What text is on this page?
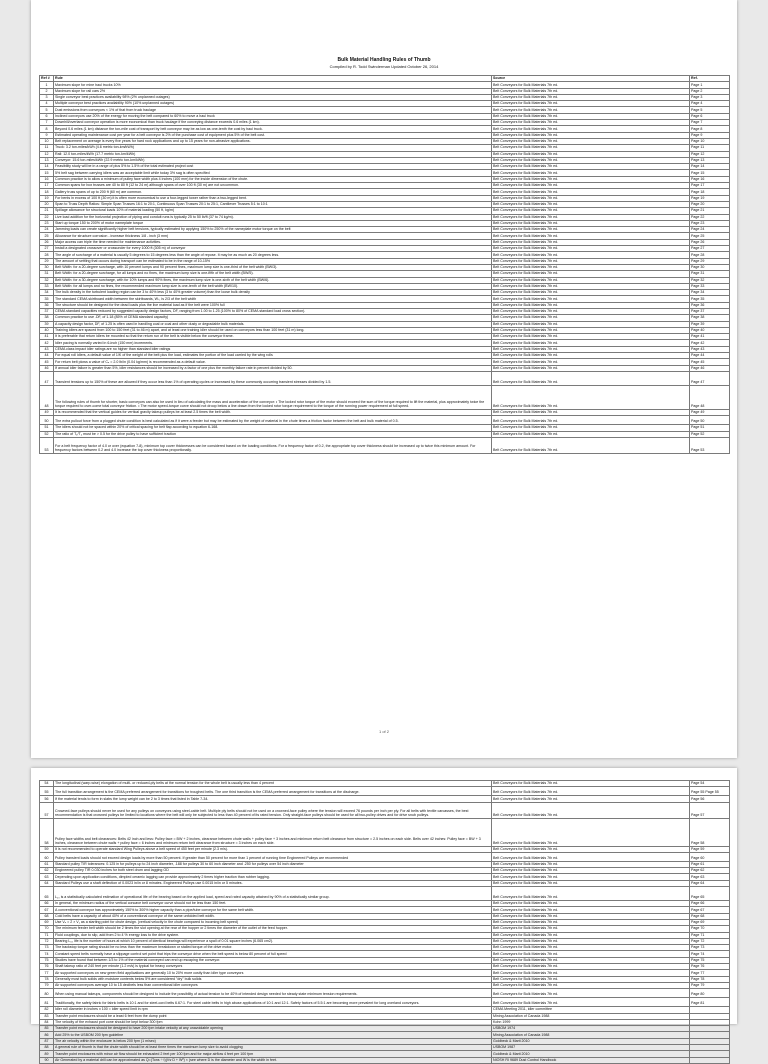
Bulk Material Handling Rules of Thumb
Compiled by R. Todd Swinderman Updated October 26, 2014
Ref #	Rule	Source	Ref.
1	Maximum slope for mine haul trucks 10%	Belt Conveyors for Bulk Materials 7th ed.	Page 1
2	Maximum slope for rail cars 2%	Belt Conveyors for Bulk Materials 7th ed.	Page 2
3	Single conveyor best practices availability 98% (2% unplanned outages)	Belt Conveyors for Bulk Materials 7th ed.	Page 3
4	Multiple conveyor best practices availability 90% (10% unplanned outages)	Belt Conveyors for Bulk Materials 7th ed.	Page 4
5	Dust emissions from conveyors < 1% of that from truck haulage	Belt Conveyors for Bulk Materials 7th ed.	Page 5
6	Inclined conveyors use 20% of the energy for moving the belt compared to 60% to move a haul truck	Belt Conveyors for Bulk Materials 7th ed.	Page 6
7	Downhill/overland conveyor operation is more economical than truck haulage if the conveying distance exceeds 0.6 miles (1 km).	Belt Conveyors for Bulk Materials 7th ed.	Page 7
8	Beyond 0.6 miles (1 km) distance the ton-mile cost of transport by belt conveyor may be as low as one-tenth the cost by haul truck.	Belt Conveyors for Bulk Materials 7th ed.	Page 8
9	Estimated operating maintenance cost per year for a belt conveyor is 2% of the purchase cost of equipment plus 5% of the belt cost.	Belt Conveyors for Bulk Materials 7th ed.	Page 9
10	Belt replacement on average is every five years for hard rock applications and up to 15 years for non-abrasive applications.	Belt Conveyors for Bulk Materials 7th ed.	Page 10
11	Truck: 3.2 ton-miles/kWh (4.6 metric ton-km/kWh)	Belt Conveyors for Bulk Materials 7th ed.	Page 11
12	Rail: 12.0 ton-miles/kWh (17.7 metric ton-km/kWh)	Belt Conveyors for Bulk Materials 7th ed.	Page 12
13	Conveyor: 15.6 ton-miles/kWh (22.9 metric ton-km/kWh)	Belt Conveyors for Bulk Materials 7th ed.	Page 13
14	Feasibility study will be in a range of plus 5% to 1.5% of the total estimated project cost	Belt Conveyors for Bulk Materials 7th ed.	Page 14
15	5% belt sag between carrying idlers was an acceptable limit while today 3% sag is often specified	Belt Conveyors for Bulk Materials 7th ed.	Page 15
16	Common practice is to allow a minimum of pulley face width plus 4 inches (100 mm) for the inside dimension of the chute.	Belt Conveyors for Bulk Materials 7th ed.	Page 16
17	Common spans for box trusses are 40 to 80 ft (12 to 24 m) although spans of over 100 ft (30 m) are not uncommon.	Belt Conveyors for Bulk Materials 7th ed.	Page 17
18	Gallery truss spans of up to 200 ft (60 m) are common.	Belt Conveyors for Bulk Materials 7th ed.	Page 18
19	For bents in excess of 100 ft (30 m) it is often more economical to use a four-legged tower rather than a two-legged bent.	Belt Conveyors for Bulk Materials 7th ed.	Page 19
20	Span to Truss Depth Ratios: Simple Span Trusses 16:1 to 20:1, Continuous Span Trusses 20:1 to 25:1, Cantilever Trusses 5:1 to 10:1	Belt Conveyors for Bulk Materials 7th ed.	Page 20
21	Spillage allowance for structural loads 10% of material loading (50 ft, kg/m)	Belt Conveyors for Bulk Materials 7th ed.	Page 21
22	Live load addition for the horizontal projection of piping and conduit runs is typically 25 to 50 lb/ft (37 to 74 kg/m).	Belt Conveyors for Bulk Materials 7th ed.	Page 22
23	Start up torque 150 to 200% of motor nameplate torque	Belt Conveyors for Bulk Materials 7th ed.	Page 23
24	Jamming loads can create significantly higher belt tensions, typically estimated by applying 150% to 250% of the nameplate motor torque on the belt	Belt Conveyors for Bulk Materials 7th ed.	Page 24
25	Allowance for structure corrosion - increase thickness 1/8 - inch (3 mm)	Belt Conveyors for Bulk Materials 7th ed.	Page 25
26	Major access can triple the time needed for maintenance activities.	Belt Conveyors for Bulk Materials 7th ed.	Page 26
27	Install a designated crossover or crossunder for every 1000 ft (305 m) of conveyor	Belt Conveyors for Bulk Materials 7th ed.	Page 27
28	The angle of surcharge of a material is usually 5 degrees to 15 degrees less than the angle of repose. It may be as much as 20 degrees less.	Belt Conveyors for Bulk Materials 7th ed.	Page 28
29	The amount of settling that occurs during transport can be estimated to be in the range of 10-15%	Belt Conveyors for Bulk Materials 7th ed.	Page 29
30	Belt Width: for a 20-degree surcharge, with 10 percent lumps and 90 percent fines, maximum lump size is one-third of the belt width (BW/3).	Belt Conveyors for Bulk Materials 7th ed.	Page 30
31	Belt Width: for a 20-degree surcharge, for all lumps and no fines, the maximum lump size is one-fifth of the belt width (BW/5).	Belt Conveyors for Bulk Materials 7th ed.	Page 31
32	Belt Width: for a 30-degree surcharge, with for 10% lumps and 90% fines, the maximum lump size is one-sixth of the belt width (BW/6).	Belt Conveyors for Bulk Materials 7th ed.	Page 32
33	Belt Width: for all lumps and no fines, the recommended maximum lump size is one-tenth of the belt width (BW/10).	Belt Conveyors for Bulk Materials 7th ed.	Page 33
34	The bulk density in the turbulent loading region can be 3 to 40% less (3 to 40% greater volume) than the loose bulk density	Belt Conveyors for Bulk Materials 7th ed.	Page 34
35	The standard CEMA skirtboard width between the skirtboards, Wₛ, is 2/3 of the belt width	Belt Conveyors for Bulk Materials 7th ed.	Page 35
36	The structure should be designed for the dead loads plus the live material load as if the belt were 100% full	Belt Conveyors for Bulk Materials 7th ed.	Page 36
37	CEMA standard capacities reduced by suggested capacity design factors, DF, ranging from 1.00 to 1.25 (100% to 80% of CEMA standard load cross section).	Belt Conveyors for Bulk Materials 7th ed.	Page 37
38	Common practice to use .DF, of 1.18 (85% of CEMA standard capacity)	Belt Conveyors for Bulk Materials 7th ed.	Page 38
39	A capacity design factor, DF, of 1.25 is often used in handling coal or coal and other dusty or degradable bulk materials.	Belt Conveyors for Bulk Materials 7th ed.	Page 39
40	Training idlers are spaced from 100 to 150 feet (31 to 46 m) apart, and at least one training idler should be used on conveyors less than 100 feet (31 m) long.	Belt Conveyors for Bulk Materials 7th ed.	Page 40
41	It is preferable that return idlers be mounted so that the return run of the belt is visible below the conveyor frame.	Belt Conveyors for Bulk Materials 7th ed.	Page 41
42	Idler pacing is normally varied in 6-inch (150 mm) increments.	Belt Conveyors for Bulk Materials 7th ed.	Page 42
43	CEMA class impact idler ratings are no higher than standard idler ratings	Belt Conveyors for Bulk Materials 7th ed.	Page 43
44	For equal roll idlers, a default value of 1/K of the weight of the belt plus the load, estimates the portion of the load carried by the wing rolls	Belt Conveyors for Bulk Materials 7th ed.	Page 44
45	For return belt plows a value of Cₑ = 2.0 lb/in (0.04 kg/mm) is recommended as a default value.	Belt Conveyors for Bulk Materials 7th ed.	Page 45
46	If annual idler failure is greater than 5%, idler resistances should be increased by a factor of one plus the monthly failure rate in percent divided by 50.	Belt Conveyors for Bulk Materials 7th ed.	Page 46
47	Transient tensions up to 150% of these are allowed if they occur less than 1% of operating cycles or increased by these commonly occurring transient stresses divided by 1.5.	Belt Conveyors for Bulk Materials 7th ed.	Page 47
48	The following rules of thumb for shorter, basic conveyors can also be used in lieu of calculating the mass and acceleration of the conveyor: • The locked rotor torque of the motor should exceed the sum of the torque required to lift the material, plus approximately twice the torque required to over-come total conveyor friction. • The motor speed-torque curve should not droop below a line drawn from the locked rotor torque requirement to the torque of the running power requirement at full speed.	Belt Conveyors for Bulk Materials 7th ed.	Page 48
49	It is recommended that the vertical guides for vertical gravity takeup pulleys be at least 2.5 times the belt width.	Belt Conveyors for Bulk Materials 7th ed.	Page 49
50	The extra pullout force from a plugged chute condition is best calculated as if it were a feeder but may be estimated by the weight of material in the chute times a friction factor between the belt and bulk material of 0.5.	Belt Conveyors for Bulk Materials 7th ed.	Page 50
51	The idlers should not be spaced within 20% of critical spacing for belt flap according to equation 6-168.	Belt Conveyors for Bulk Materials 7th ed.	Page 51
52	The ratio of T₁/T₂ must be > 0.5 for the drive pulley to have sufficient traction	Belt Conveyors for Bulk Materials 7th ed.	Page 52
53	For a belt frequency factor of 4.0 or over (equation 7-8), minimum top cover thicknesses can be considered based on the loading conditions. For a frequency factor of 0.2, the appropriate top cover thickness should be increased up to twice this minimum amount. For frequency factors between 0.2 and 4.0 increase the top cover thickness proportionally.	Belt Conveyors for Bulk Materials 7th ed.	Page 53
1 of 2
54	The longitudinal (warp-wise) elongation of multi- or reduced-ply belts at the normal tension for the whole belt is usually less than 4 percent	Belt Conveyors for Bulk Materials 7th ed.	Page 54
55	The full transition arrangement is the CEMA preferred arrangement for transitions for troughed belts. The one third transition is the CEMA preferred arrangement for transitions at the discharge.	Belt Conveyors for Bulk Materials 7th ed.	Page 55 Page 55
56	If the material tends to form in slabs the lump weight can be 2 to 3 times that listed in Table 7-34.	Belt Conveyors for Bulk Materials 7th ed.	Page 56
57	Crowned-face pulleys should never be used for any pulleys on conveyors using steel-cable belt. Multiple ply belts should not be used on a crowned-face pulley where the tension will exceed 76 pounds per inch per ply. For all belts with textile carcasses, the best recommendation is that crowned pulleys be limited to locations where the belt will only be subjected to less than 40 percent of its rated tension. Only straight-face pulleys should be used for all two-pulley drives and for drive snub pulleys.	Belt Conveyors for Bulk Materials 7th ed.	Page 57
58	Pulley face widths and belt clearances: Belts 42 inch and less: Pulley face = BW + 2 inches, clearance between chute walls + pulley face + 3 inches and minimum return belt clearance from structure = 2.5 inches on each side. Belts over 42 inches: Pulley face = BW + 3 inches, clearance between chute walls + pulley face = 6 inches and minimum return belt clearance from structure = 3 inches on each side.	Belt Conveyors for Bulk Materials 7th ed.	Page 58
59	It is not recommended to operate standard Wing Pulleys above a belt speed of 450 feet per minute (2.3 m/s).	Belt Conveyors for Bulk Materials 7th ed.	Page 59
60	Pulley transient loads should not exceed design loads by more than 50 percent. If greater than 50 percent for more than 1 percent of running time Engineered Pulleys are recommended	Belt Conveyors for Bulk Materials 7th ed.	Page 60
61	Standard pulley TIR tolerances: 0.125 in for pulleys up to 24 inch diameter, .188 for pulleys 30 to 60 inch diameter and .250 for pulleys over 54 inch diameter	Belt Conveyors for Bulk Materials 7th ed.	Page 61
62	Engineered pulley TIR 0.030 inches for both steel drum and lagging OD	Belt Conveyors for Bulk Materials 7th ed.	Page 62
63	Depending upon application conditions, dimpled ceramic lagging can provide approximately 2 times higher traction than rubber lagging.	Belt Conveyors for Bulk Materials 7th ed.	Page 63
64	Standard Pulleys use a shaft deflection of 0.0023 in/in or 8 minutes. Engineered Pulleys use 0.0015 in/in or 5 minutes.	Belt Conveyors for Bulk Materials 7th ed.	Page 64
65	L₁₀ is a statistically calculated estimation of operational life of the bearing based on the applied load, speed and rated capacity attained by 90% of a statistically similar group.	Belt Conveyors for Bulk Materials 7th ed.	Page 65
66	In general, the minimum radius of the vertical concave belt conveyor curve should not be less than 150 feet.	Belt Conveyors for Bulk Materials 7th ed.	Page 66
67	A conventional conveyor has approximately 150% to 300% higher capacity than a pipe/tube conveyor for the same belt width.	Belt Conveyors for Bulk Materials 7th ed.	Page 67
68	Cold belts have a capacity of about 40% of a conventional conveyor of the same unfolded belt width.	Belt Conveyors for Bulk Materials 7th ed.	Page 68
69	Use Vₑ = 2 × V₁ as a starting point for chute design. (vertical velocity in the chute compared to incoming belt speed)	Belt Conveyors for Bulk Materials 7th ed.	Page 69
70	The minimum feeder belt width should be 2 times the slot opening at the rear of the hopper or 2 times the diameter of the outlet of the feed hopper.	Belt Conveyors for Bulk Materials 7th ed.	Page 70
71	Fluid couplings, due to slip, add from 2 to 4 % energy loss to the drive system.	Belt Conveyors for Bulk Materials 7th ed.	Page 71
72	Bearing L₁₀ life is the number of hours at which 10 percent of identical bearings will experience a spall of 0.01 square inches (6.065 cm2).	Belt Conveyors for Bulk Materials 7th ed.	Page 72
73	The backstop torque rating should be no less than the maximum breakdown or stalled torque of the drive motor.	Belt Conveyors for Bulk Materials 7th ed.	Page 73
74	Constant speed belts normally have a slippage control set point that trips the conveyor drive when the belt speed is below 80 percent of full speed	Belt Conveyors for Bulk Materials 7th ed.	Page 74
75	Studies have found that between 1/3 to 1% of the material conveyed can end up escaping the conveyor.	Belt Conveyors for Bulk Materials 7th ed.	Page 75
76	Shaft takeup ratio of 240 feet per minute (1.2 m/s) is typical for heavy conveyors	Belt Conveyors for Bulk Materials 7th ed.	Page 76
77	Air supported conveyors on new green field applications are generally 10 to 20% more costly than idler type conveyors	Belt Conveyors for Bulk Materials 7th ed.	Page 77
78	Generally most bulk solids with moisture contents below 5% are considered "dry" bulk solids	Belt Conveyors for Bulk Materials 7th ed.	Page 78
79	Air supported conveyors average 10 to 15 decibels less than conventional idler conveyors	Belt Conveyors for Bulk Materials 7th ed.	Page 79
80	When using manual takeups, components should be designed to include the possibility of actual tension to be 40% of intended design needed for steady state minimum tension requirements.	Belt Conveyors for Bulk Materials 7th ed.	Page 80
81	Traditionally, the safety fabric for fabric belts is 10:1 and for steel-cord belts 6.67:1. For steel cable belts in high abuse applications of 10:1 and 12:1. Safety factors of 5.5:1 are becoming more prevalent for long overland conveyors.	Belt Conveyors for Bulk Materials 7th ed.	Page 81
82	Idler roll diameter in inches x 100 = idler speed limit in rpm	CEMA Meeting 2011, idler committee	
83	Transfer point enclosures should be a least 6 feet from the dump point	Mining Association of Canada 1988	
84	The velocity of the exhaust port cone should be kept below 300 fpm	Kohn 1999	
85	Transfer point enclosures should be designed to have 200 fpm intake velocity at any unavoidable opening	USBOM 1974	
86	Add 25% to the USBOM 200 fpm guideline	Mining Association of Canada 1988	
87	The air velocity within the enclosure is below 200 fpm (1 m/sec)	Goldbeck & Marti 2010	
88	A general rule of thumb is that the chute width should be at least three times the maximum lump size to avoid clogging	USBOM 1987	
89	Transfer point enclosures with minor air flow should be exhausted 2 feet per 100 fpm and for major airflow 4 feet per 100 fpm	Goldbeck & Marti 2010	
90	Air Generated by a material drill can be approximated as Q=(Tons ÷ t)(Vs·D + W²) × (see where D is the diameter and W is the width in feet.	NIOSH RI 9689 Dust Control Handbook	
